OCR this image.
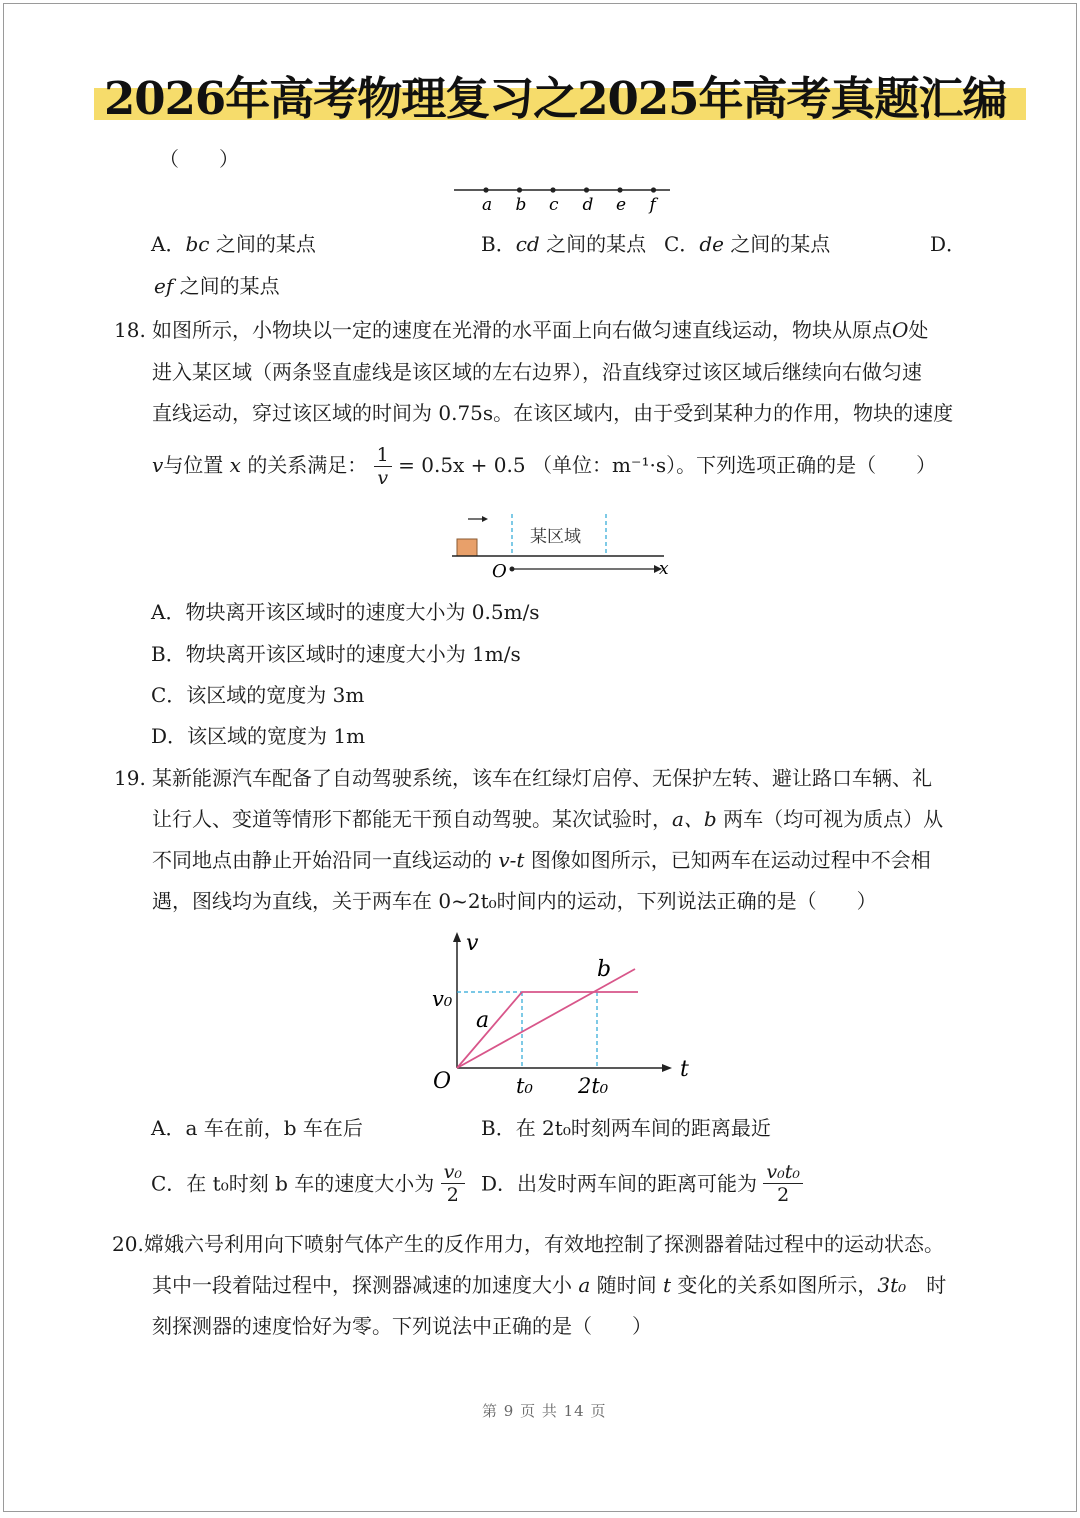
2026年高考物理复习之2025年高考真题汇编
（　　）
a b c d e f
A．bc 之间的某点	B．cd 之间的某点 C．de 之间的某点	D．
ef 之间的某点
18. 如图所示，小物块以一定的速度在光滑的水平面上向右做匀速直线运动，物块从原点O处
进入某区域（两条竖直虚线是该区域的左右边界），沿直线穿过该区域后继续向右做匀速
直线运动，穿过该区域的时间为 0.75s。在该区域内，由于受到某种力的作用，物块的速度
v与位置 x 的关系满足： $\frac{1}{v} = 0.5x + 0.5$ （单位：m⁻¹·s）。下列选项正确的是（　　）
某区域
O	x
A．物块离开该区域时的速度大小为 0.5m/s
B．物块离开该区域时的速度大小为 1m/s
C．该区域的宽度为 3m
D．该区域的宽度为 1m
19. 某新能源汽车配备了自动驾驶系统，该车在红绿灯启停、无保护左转、避让路口车辆、礼
让行人、变道等情形下都能无干预自动驾驶。某次试验时，a、b 两车（均可视为质点）从
不同地点由静止开始沿同一直线运动的 v-t 图像如图所示，已知两车在运动过程中不会相
遇，图线均为直线，关于两车在 0~2t₀时间内的运动，下列说法正确的是（　　）
v
t
O
v₀
t₀ 2t₀
a
b
A．a 车在前，b 车在后	B．在 2t₀时刻两车间的距离最近
C．在 t₀时刻 b 车的速度大小为 $\frac{\text{v₀}}{2}$ D．出发时两车间的距离可能为 $\frac{\text{v₀t₀}}{2}$
20. 嫦娥六号利用向下喷射气体产生的反作用力，有效地控制了探测器着陆过程中的运动状态。
其中一段着陆过程中，探测器减速的加速度大小 a 随时间 t 变化的关系如图所示，3t₀　 时
刻探测器的速度恰好为零。下列说法中正确的是（　　）
第 9 页 共 14 页
